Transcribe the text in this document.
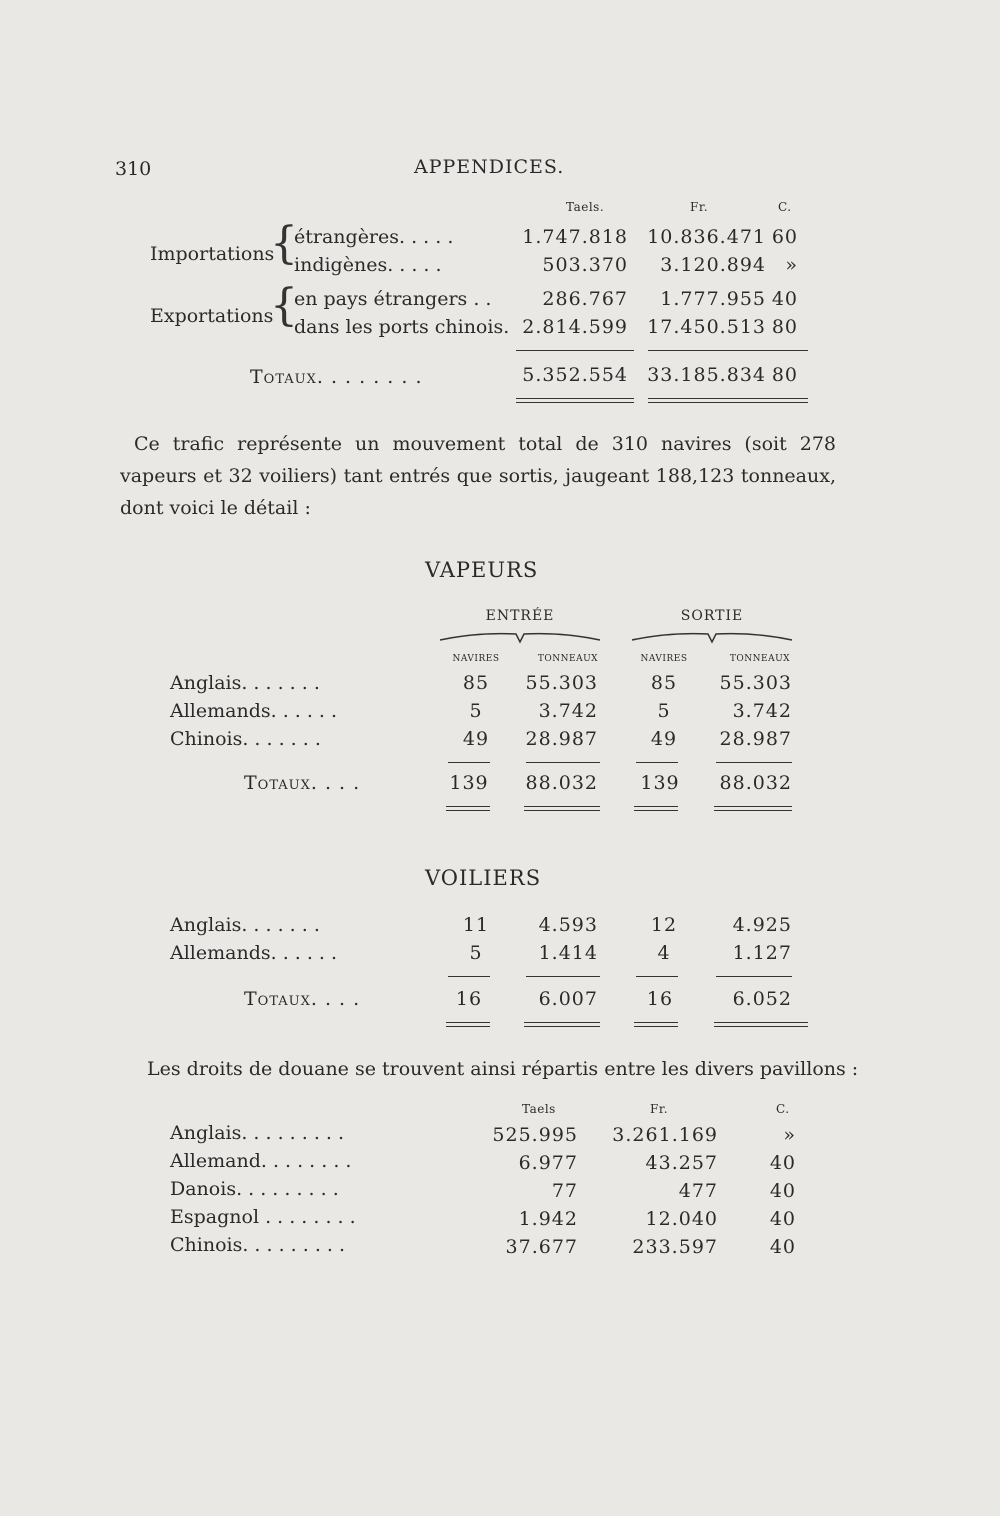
310	APPENDICES.
Taels.	Fr.	C.
Importations
{
étrangères. . . . .	1.747.818	10.836.471 60
indigènes. . . . .	503.370	3.120.894	»
Exportations
{
en pays étrangers . .	286.767	1.777.955 40
dans les ports chinois. 2.814.599	17.450.513 80
Totaux. . . . . . . .	5.352.554	33.185.834 80
Ce trafic représente un mouvement total de 310 navires (soit 278 vapeurs et 32 voiliers) tant entrés que sortis, jaugeant 188,123 tonneaux, dont voici le détail :
VAPEURS
ENTRÉE	SORTIE
NAVIRES	TONNEAUX	NAVIRES	TONNEAUX
Anglais. . . . . . .	85	55.303	85	55.303
Allemands. . . . . .	5	3.742	5	3.742
Chinois. . . . . . .	49	28.987	49	28.987
Totaux. . . .	139	88.032	139	88.032
VOILIERS
Anglais. . . . . . .	11	4.593	12	4.925
Allemands. . . . . .	5	1.414	4	1.127
Totaux. . . .	16	6.007	16	6.052
Les droits de douane se trouvent ainsi répartis entre les divers pavillons :
Taels	Fr.	C.
Anglais. . . . . . . . .	525.995	3.261.169	»
Allemand. . . . . . . .	6.977	43.257	40
Danois. . . . . . . . .	77	477	40
Espagnol . . . . . . . .	1.942	12.040	40
Chinois. . . . . . . . .	37.677	233.597	40
